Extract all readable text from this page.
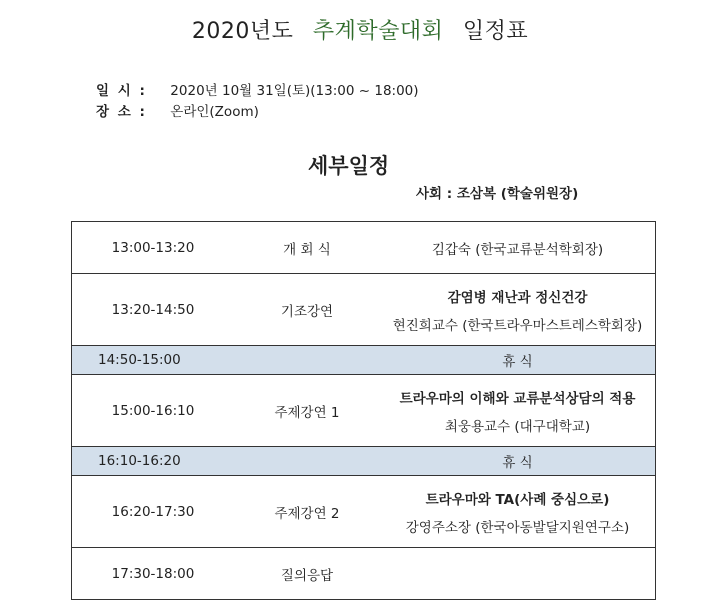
2020년도 추계학술대회 일정표
일 시 : 2020년 10월 31일(토)(13:00 ~ 18:00)
장 소 : 온라인(Zoom)
세부일정
사회 : 조삼복 (학술위원장)
13:00-13:20	개 회 식	김갑숙 (한국교류분석학회장)
13:20-14:50	기조강연	감염병 재난과 정신건강
현진희교수 (한국트라우마스트레스학회장)

14:50-15:00		휴 식
15:00-16:10	주제강연 1	트라우마의 이해와 교류분석상담의 적용
최웅용교수 (대구대학교)

16:10-16:20		휴 식
16:20-17:30	주제강연 2	트라우마와 TA(사례 중심으로)
강영주소장 (한국아동발달지원연구소)

17:30-18:00	질의응답	
